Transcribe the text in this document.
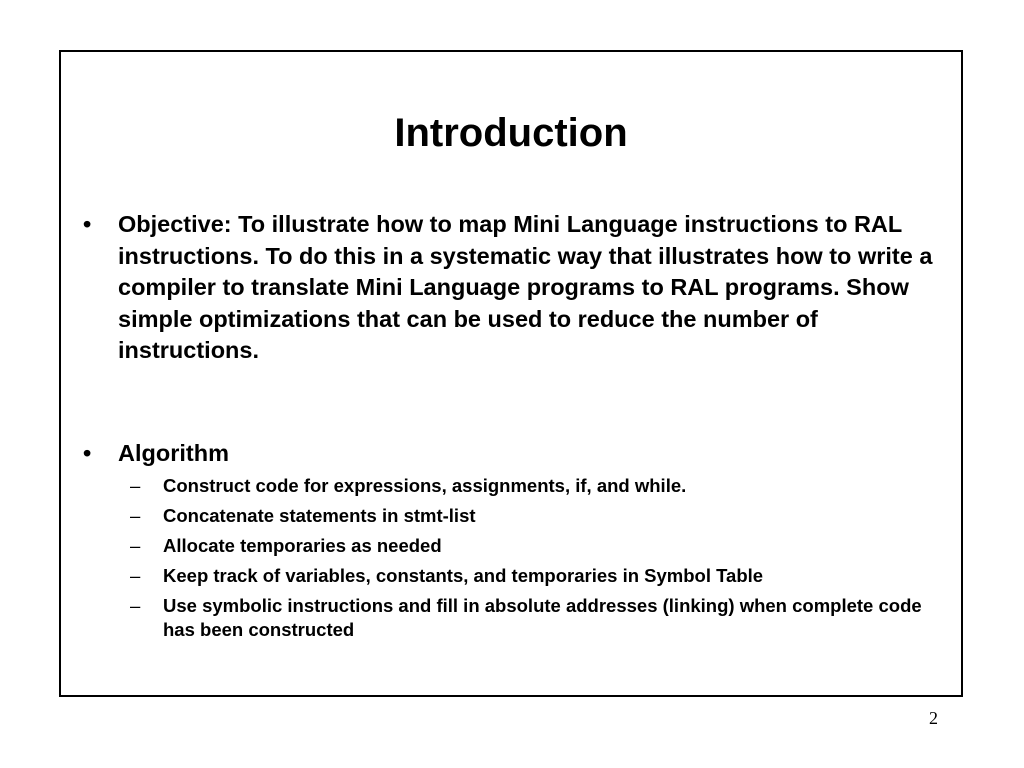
Introduction
•	Objective: To illustrate how to map Mini Language instructions to RAL instructions. To do this in a systematic way that illustrates how to write a compiler to translate Mini Language programs to RAL programs. Show simple optimizations that can be used to reduce the number of instructions.
•	Algorithm
– Construct code for expressions, assignments, if, and while.
– Concatenate statements in stmt-list
– Allocate temporaries as needed
– Keep track of variables, constants, and temporaries in Symbol Table
– Use symbolic instructions and fill in absolute addresses (linking) when complete code has been constructed
2
